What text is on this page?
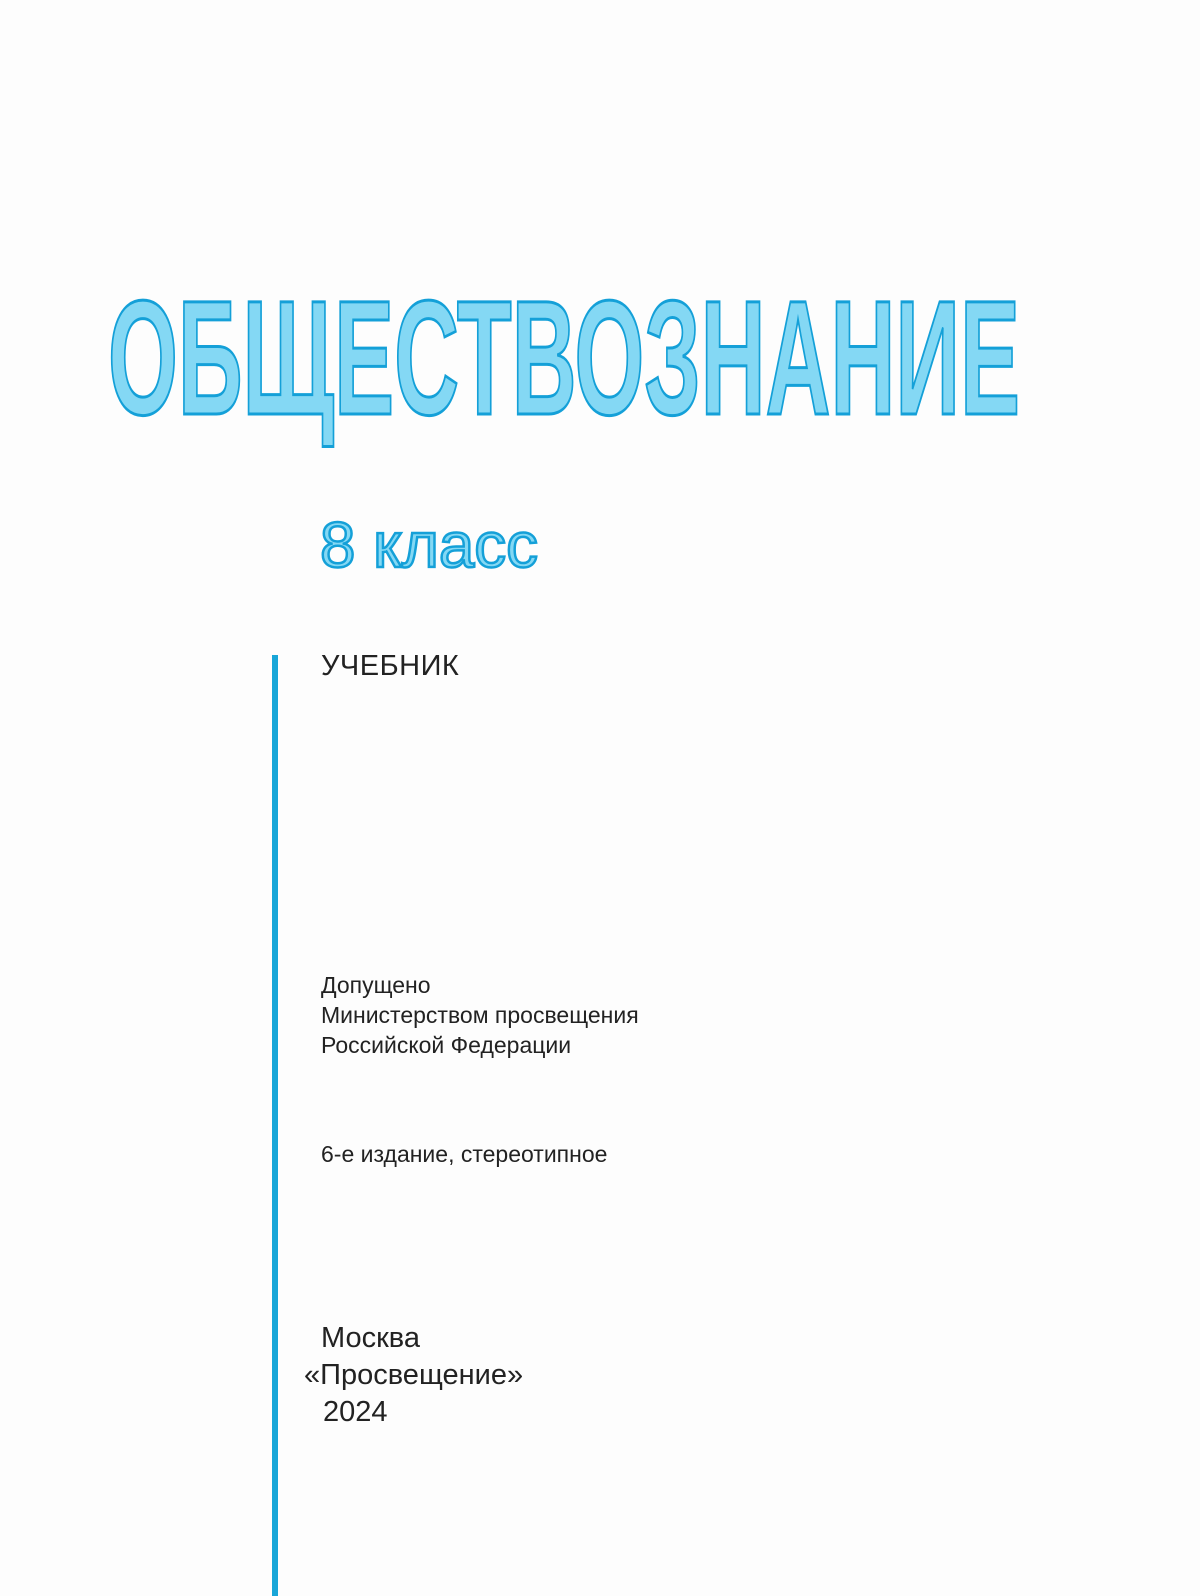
ОБЩЕСТВОЗНАНИЕ
8 класс
УЧЕБНИК
Допущено
Министерством просвещения
Российской Федерации
6-е издание, стереотипное
Москва
«Просвещение»
2024
